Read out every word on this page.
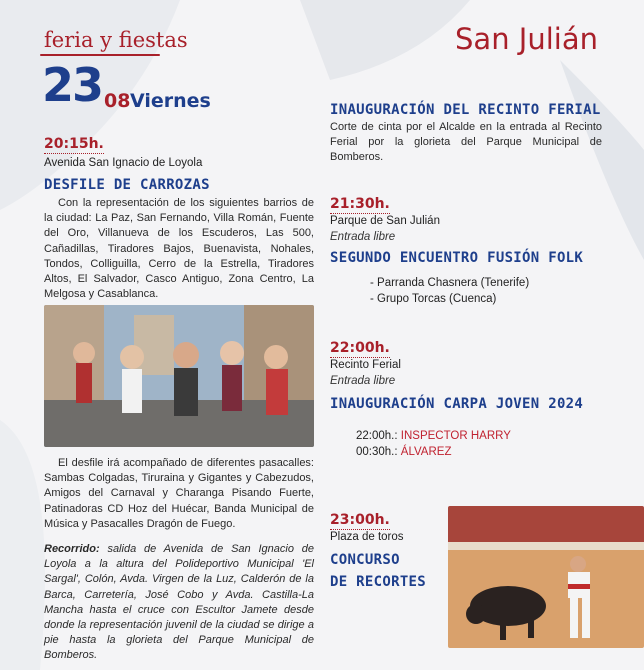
feria y fiestas	San Julián
23 08 Viernes
20:15h.
Avenida San Ignacio de Loyola
DESFILE DE CARROZAS
Con la representación de los siguientes barrios de la ciudad: La Paz, San Fernando, Villa Román, Fuente del Oro, Villanueva de los Escuderos, Las 500, Cañadillas, Tiradores Bajos, Buenavista, Nohales, Tondos, Colliguilla, Cerro de la Estrella, Tiradores Altos, El Salvador, Casco Antiguo, Zona Centro, La Melgosa y Casablanca.
El desfile irá acompañado de diferentes pasacalles: Sambas Colgadas, Tiruraina y Gigantes y Cabezudos, Amigos del Carnaval y Charanga Pisando Fuerte, Patinadoras CD Hoz del Huécar, Banda Municipal de Música y Pasacalles Dragón de Fuego.
Recorrido: salida de Avenida de San Ignacio de Loyola a la altura del Polideportivo Municipal 'El Sargal', Colón, Avda. Virgen de la Luz, Calderón de la Barca, Carretería, José Cobo y Avda. Castilla-La Mancha hasta el cruce con Escultor Jamete desde donde la representación juvenil de la ciudad se dirige a pie hasta la glorieta del Parque Municipal de Bomberos.
INAUGURACIÓN DEL RECINTO FERIAL
Corte de cinta por el Alcalde en la entrada al Recinto Ferial por la glorieta del Parque Municipal de Bomberos.
21:30h.
Parque de San Julián
Entrada libre
SEGUNDO ENCUENTRO FUSIÓN FOLK
- Parranda Chasnera (Tenerife)
- Grupo Torcas (Cuenca)
22:00h.
Recinto Ferial
Entrada libre
INAUGURACIÓN CARPA JOVEN 2024
22:00h.: INSPECTOR HARRY
00:30h.: ÁLVAREZ
23:00h.
Plaza de toros
CONCURSO
DE RECORTES
